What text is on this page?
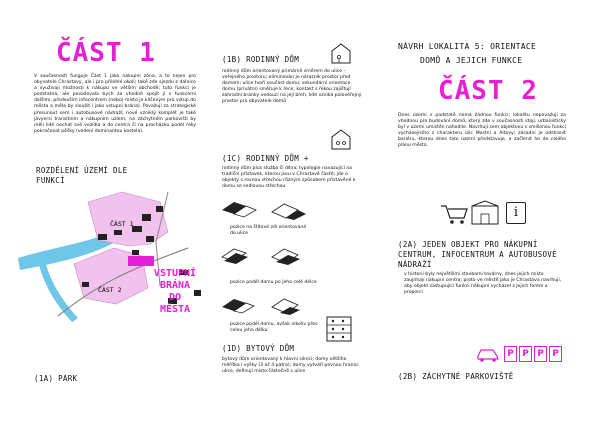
ČÁST 1
V současnosti funguje Část 1 jako nákupní zóna, a to nejen pro obyvatele Chrastavy, ale i pro přilehlé okolí; také zde sjezdu z dálnice a využívají možnosti k nákupu ve větším obchodě; tuto funkci je podstatná, ale považovala bych za vhodné spojit jí s funkcemi dalšími, především infocentrem (nebo) místo je klíčovým pro vstup do města a měla by sloužit i jako vstupní brána). Považuji za strategické přesunout sem i autobusové nádraží; nové vzniklý komplét je také jávyersi transitním a nákupním uzlem; na záchytném parkovišti by měli lidé nechat své vozidla a do centra či na procházku podél řeky pokračovat pěšky (vedení dominantou kostela).
ROZDĚLENÍ ÚZEMÍ DLE FUNKCÍ
ČÁST 1
ČÁST 2
VSTUPNÍ
BRÁNA
DO
MĚSTA
(1A) PARK
(1B) RODINNÝ DŮM
rodinný dům orientovaný primárně směrem do ulice - veřejného prostoru; eliminován je nárazník prostor před domem; ulice tvoří součást domu; sekundární orientace domu (privátní) směřuje k řece; kontakt s řekou zajištují zahradní branky vedoucí na její břeh, lidé vzniká polovéřejný prostor pro obyvatele domů
(1C) RODINNÝ DŮM +
rodinný dům plus služba či dílna; typologie navazující na tradiční přístavek, kterou jsou v Chrastavě časté; jde o objekty s rovnou střechou různým způsobem přistavěné k domu se sedlovou střechou
pozice na štítové zdi orientované do ulice
pozice podél domu po jeho celé délce
pozice podél domu, avšak nikoliv přes celou jeho délku
(1D) BYTOVÝ DŮM
bytový dům orientovaný k hlavní silnici; domy většího měřítka i výšky (3 až 4 patra); domy vytváří pevnou hranici ulice, definují místo částečně s ulice
NÁVRH LOKALITA 5: ORIENTACE
DOMŮ A JEJICH FUNKCE
ČÁST 2
Dnes území v podstatě nemá žádnou funkci; lokalitu nepovažuji za vhodnou pro budování domů, který zde v současnosti stojí, urbanisticky byl v území umístěn nahodile. Navrhuji sem objektovu s smíšenou funkcí vycházejícího z charakteru ulic Mostní a Altovy; zásadní je odstranit bariéru, kterou dnes tato území představuje, a začlenit ho do celého plánu města.
i
(2A) JEDEN OBJEKT PRO NÁKUPNÍ CENTRUM, INFOCENTRUM A AUTOBUSOVÉ NÁDRAŽÍ
v historii byly největšími stavbami továrny, dnes jejich místo zaujímají nákupní centra; proto ve městě jako je Chrastava navrhuji, aby objekt zastupující funkci nákupní vycházel z jejich forem a proporcí
P P P P
(2B) ZÁCHYTNÉ PARKOVIŠTĚ
